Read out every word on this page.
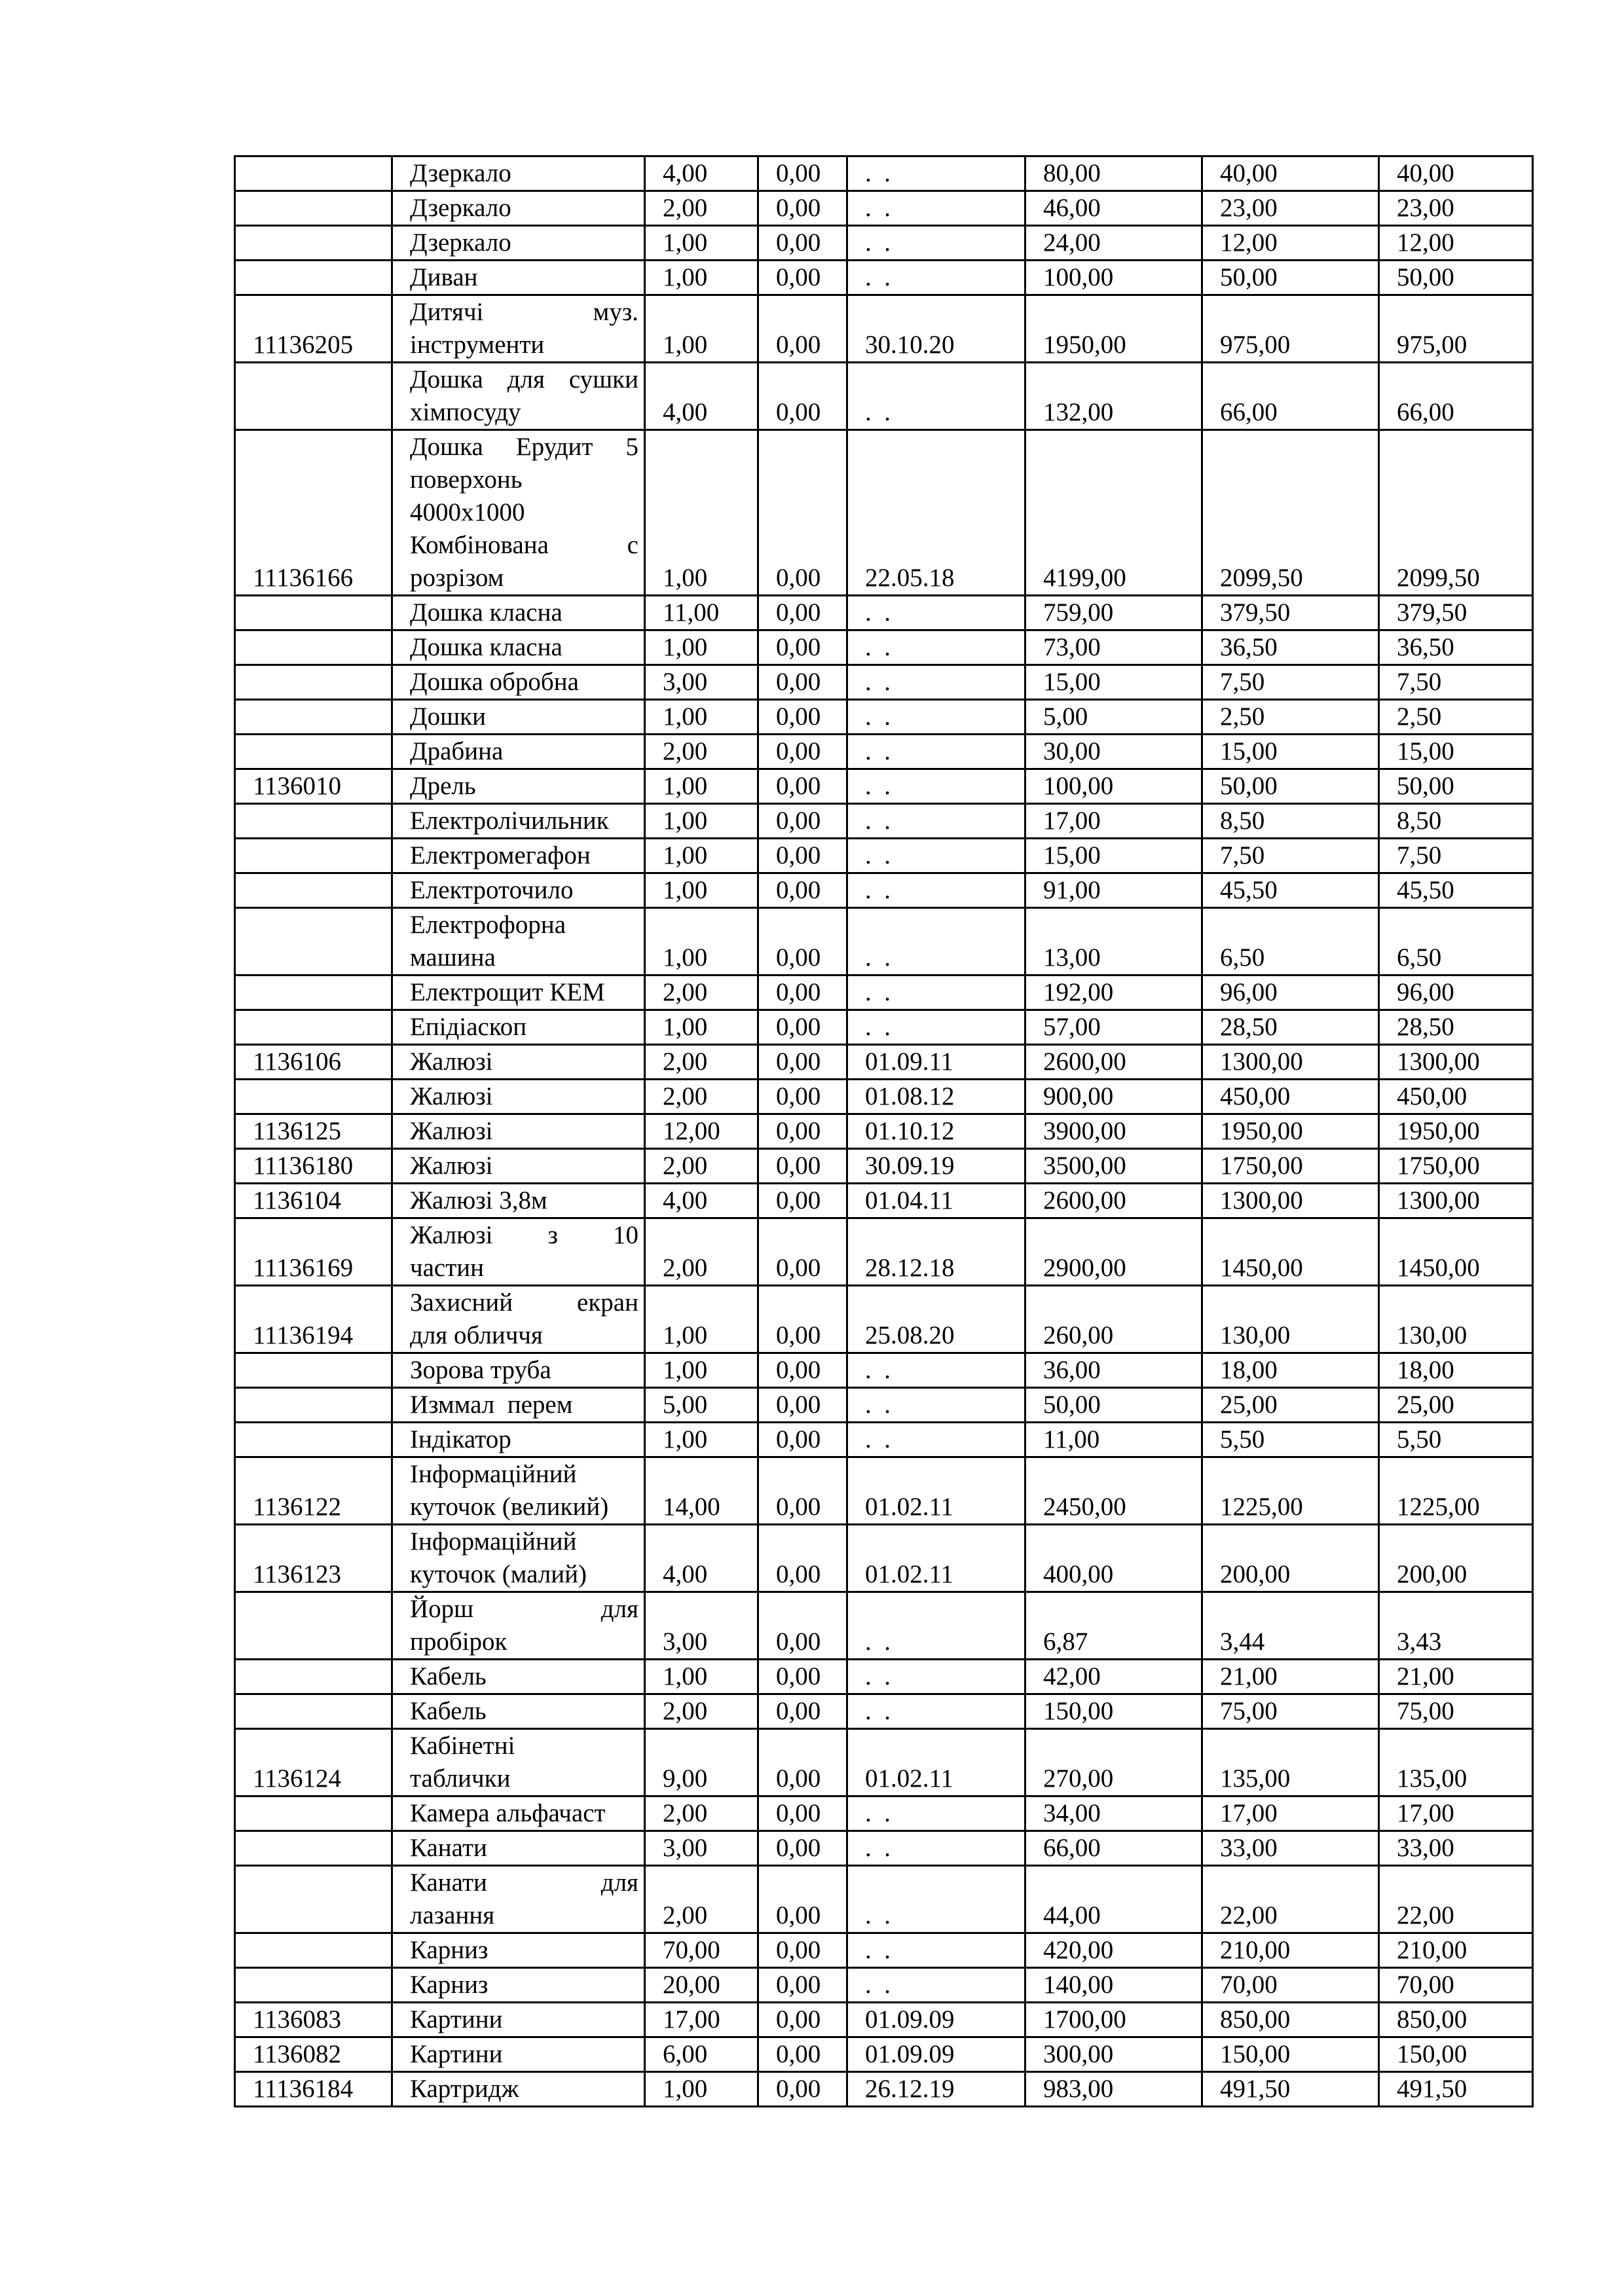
	Дзеркало	4,00	0,00	.  .	80,00	40,00	40,00

	Дзеркало	2,00	0,00	.  .	46,00	23,00	23,00

	Дзеркало	1,00	0,00	.  .	24,00	12,00	12,00

	Диван	1,00	0,00	.  .	100,00	50,00	50,00
11136205	Дитячі муз.
інструменти	1,00	0,00	30.10.20	1950,00	975,00	975,00

	Дошка для сушки
хімпосуду	4,00	0,00	.  .	132,00	66,00	66,00
11136166	Дошка Ерудит 5
поверхонь
4000х1000
Комбінована с
розрізом	1,00	0,00	22.05.18	4199,00	2099,50	2099,50

	Дошка класна	11,00	0,00	.  .	759,00	379,50	379,50

	Дошка класна	1,00	0,00	.  .	73,00	36,50	36,50

	Дошка обробна	3,00	0,00	.  .	15,00	7,50	7,50

	Дошки	1,00	0,00	.  .	5,00	2,50	2,50

	Драбина	2,00	0,00	.  .	30,00	15,00	15,00
1136010	Дрель	1,00	0,00	.  .	100,00	50,00	50,00

	Електролічильник	1,00	0,00	.  .	17,00	8,50	8,50

	Електромегафон	1,00	0,00	.  .	15,00	7,50	7,50

	Електроточило	1,00	0,00	.  .	91,00	45,50	45,50

	Електрофорна
машина	1,00	0,00	.  .	13,00	6,50	6,50

	Електрощит КЕМ	2,00	0,00	.  .	192,00	96,00	96,00

	Епідіаскоп	1,00	0,00	.  .	57,00	28,50	28,50
1136106	Жалюзі	2,00	0,00	01.09.11	2600,00	1300,00	1300,00

	Жалюзі	2,00	0,00	01.08.12	900,00	450,00	450,00
1136125	Жалюзі	12,00	0,00	01.10.12	3900,00	1950,00	1950,00
11136180	Жалюзі	2,00	0,00	30.09.19	3500,00	1750,00	1750,00
1136104	Жалюзі 3,8м	4,00	0,00	01.04.11	2600,00	1300,00	1300,00
11136169	Жалюзі з 10
частин	2,00	0,00	28.12.18	2900,00	1450,00	1450,00
11136194	Захисний екран
для обличчя	1,00	0,00	25.08.20	260,00	130,00	130,00

	Зорова труба	1,00	0,00	.  .	36,00	18,00	18,00

	Изммал  перем	5,00	0,00	.  .	50,00	25,00	25,00

	Індікатор	1,00	0,00	.  .	11,00	5,50	5,50
1136122	Інформаційний
куточок (великий)	14,00	0,00	01.02.11	2450,00	1225,00	1225,00
1136123	Інформаційний
куточок (малий)	4,00	0,00	01.02.11	400,00	200,00	200,00

	Йорш для
пробірок	3,00	0,00	.  .	6,87	3,44	3,43

	Кабель	1,00	0,00	.  .	42,00	21,00	21,00

	Кабель	2,00	0,00	.  .	150,00	75,00	75,00
1136124	Кабінетні
таблички	9,00	0,00	01.02.11	270,00	135,00	135,00

	Камера альфачаст	2,00	0,00	.  .	34,00	17,00	17,00

	Канати	3,00	0,00	.  .	66,00	33,00	33,00

	Канати для
лазання	2,00	0,00	.  .	44,00	22,00	22,00

	Карниз	70,00	0,00	.  .	420,00	210,00	210,00

	Карниз	20,00	0,00	.  .	140,00	70,00	70,00
1136083	Картини	17,00	0,00	01.09.09	1700,00	850,00	850,00
1136082	Картини	6,00	0,00	01.09.09	300,00	150,00	150,00
11136184	Картридж	1,00	0,00	26.12.19	983,00	491,50	491,50
